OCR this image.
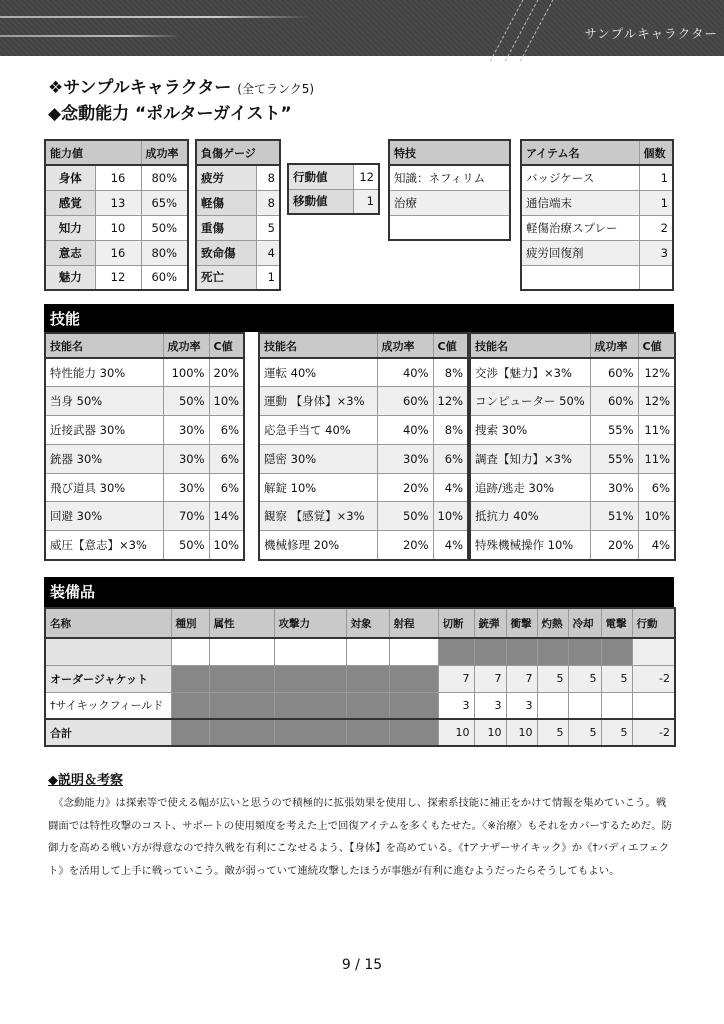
サンプルキャラクター
❖サンプルキャラクター (全てランク5)
◆念動能力 “ポルターガイスト”
能力値		成功率
身体	16	80%
感覚	13	65%
知力	10	50%
意志	16	80%
魅力	12	60%
負傷ゲージ	
疲労	8
軽傷	8
重傷	5
致命傷	4
死亡	1
行動値	12
移動値	1
特技
知識：ネフィリム
治療

アイテム名	個数
バッジケース	1
通信端末	1
軽傷治療スプレー	2
疲労回復剤	3

技能
技能名	成功率	C値
特性能力 30%	100%	20%
当身 50%	50%	10%
近接武器 30%	30%	6%
銃器 30%	30%	6%
飛び道具 30%	30%	6%
回避 30%	70%	14%
威圧【意志】×3%	50%	10%
技能名	成功率	C値
運転 40%	40%	8%
運動 【身体】×3%	60%	12%
応急手当て 40%	40%	8%
隠密 30%	30%	6%
解錠 10%	20%	4%
観察 【感覚】×3%	50%	10%
機械修理 20%	20%	4%
技能名	成功率	C値
交渉【魅力】×3%	60%	12%
コンピューター 50%	60%	12%
捜索 30%	55%	11%
調査【知力】×3%	55%	11%
追跡/逃走 30%	30%	6%
抵抗力 40%	51%	10%
特殊機械操作 10%	20%	4%
装備品
名称	種別	属性	攻撃力	対象	射程	切断	銃弾	衝撃	灼熱	冷却	電撃	行動

オーダージャケット						7	7	7	5	5	5	-2
†サイキックフィールド						3	3	3				
合計						10	10	10	5	5	5	-2
◆説明＆考察
　《念動能力》は探索等で使える幅が広いと思うので積極的に拡張効果を使用し、探索系技能に補正をかけて情報を集めていこう。戦闘面では特性攻撃のコスト、サポートの使用頻度を考えた上で回復アイテムを多くもたせた。〈※治療〉もそれをカバーするためだ。防御力を高める戦い方が得意なので持久戦を有利にこなせるよう、【身体】を高めている。《†アナザーサイキック》か《†バディエフェクト》を活用して上手に戦っていこう。敵が弱っていて連続攻撃したほうが事態が有利に進むようだったらそうしてもよい。
9 / 15
